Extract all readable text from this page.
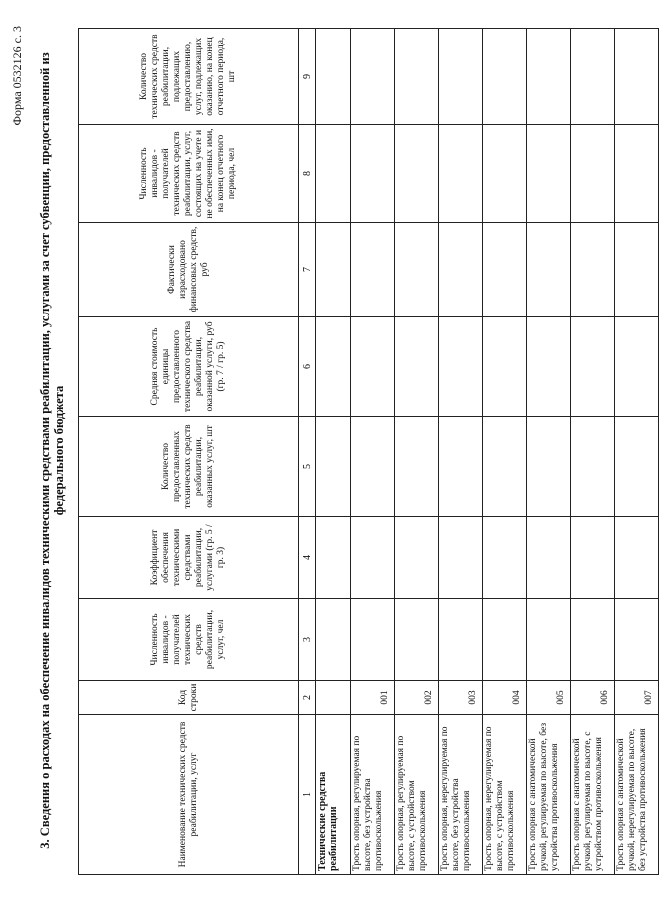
Форма 0532126 с. 3 3. Сведения о расходах на обеспечение инвалидов техническими средствами реабилитации, услугами за счет субвенции, предоставленной из федерального бюджета
Наименование технических средств реабилитации, услуг	Код строки	Численность инвалидов - получателей технических средств реабилитации, услуг, чел	Коэффициент обеспечения техническими средствами реабилитации, услугами (гр. 5 / гр. 3)	Количество предоставленных технических средств реабилитации, оказанных услуг, шт	Средняя стоимость единицы предоставленного технического средства реабилитации, оказанной услуги, руб (гр. 7 / гр. 5)	Фактически израсходовано финансовых средств, руб	Численность инвалидов - получателей технических средств реабилитации, услуг, состоящих на учете и не обеспеченных ими, на конец отчетного периода, чел	Количество технических средств реабилитации, подлежащих предоставлению, услуг, подлежащих оказанию, на конец отчетного периода, шт
1	2	3	4	5	6	7	8	9
Технические средства реабилитации								
Трость опорная, регулируемая по высоте, без устройства противоскольжения	001							
Трость опорная, регулируемая по высоте, с устройством противоскольжения	002							
Трость опорная, нерегулируемая по высоте, без устройства противоскольжения	003							
Трость опорная, нерегулируемая по высоте, с устройством противоскольжения	004							
Трость опорная с анатомической ручкой, регулируемая по высоте, без устройства противоскольжения	005							
Трость опорная с анатомической ручкой, регулируемая по высоте, с устройством противоскольжения	006							
Трость опорная с анатомической ручкой, нерегулируемая по высоте, без устройства противоскольжения	007							
